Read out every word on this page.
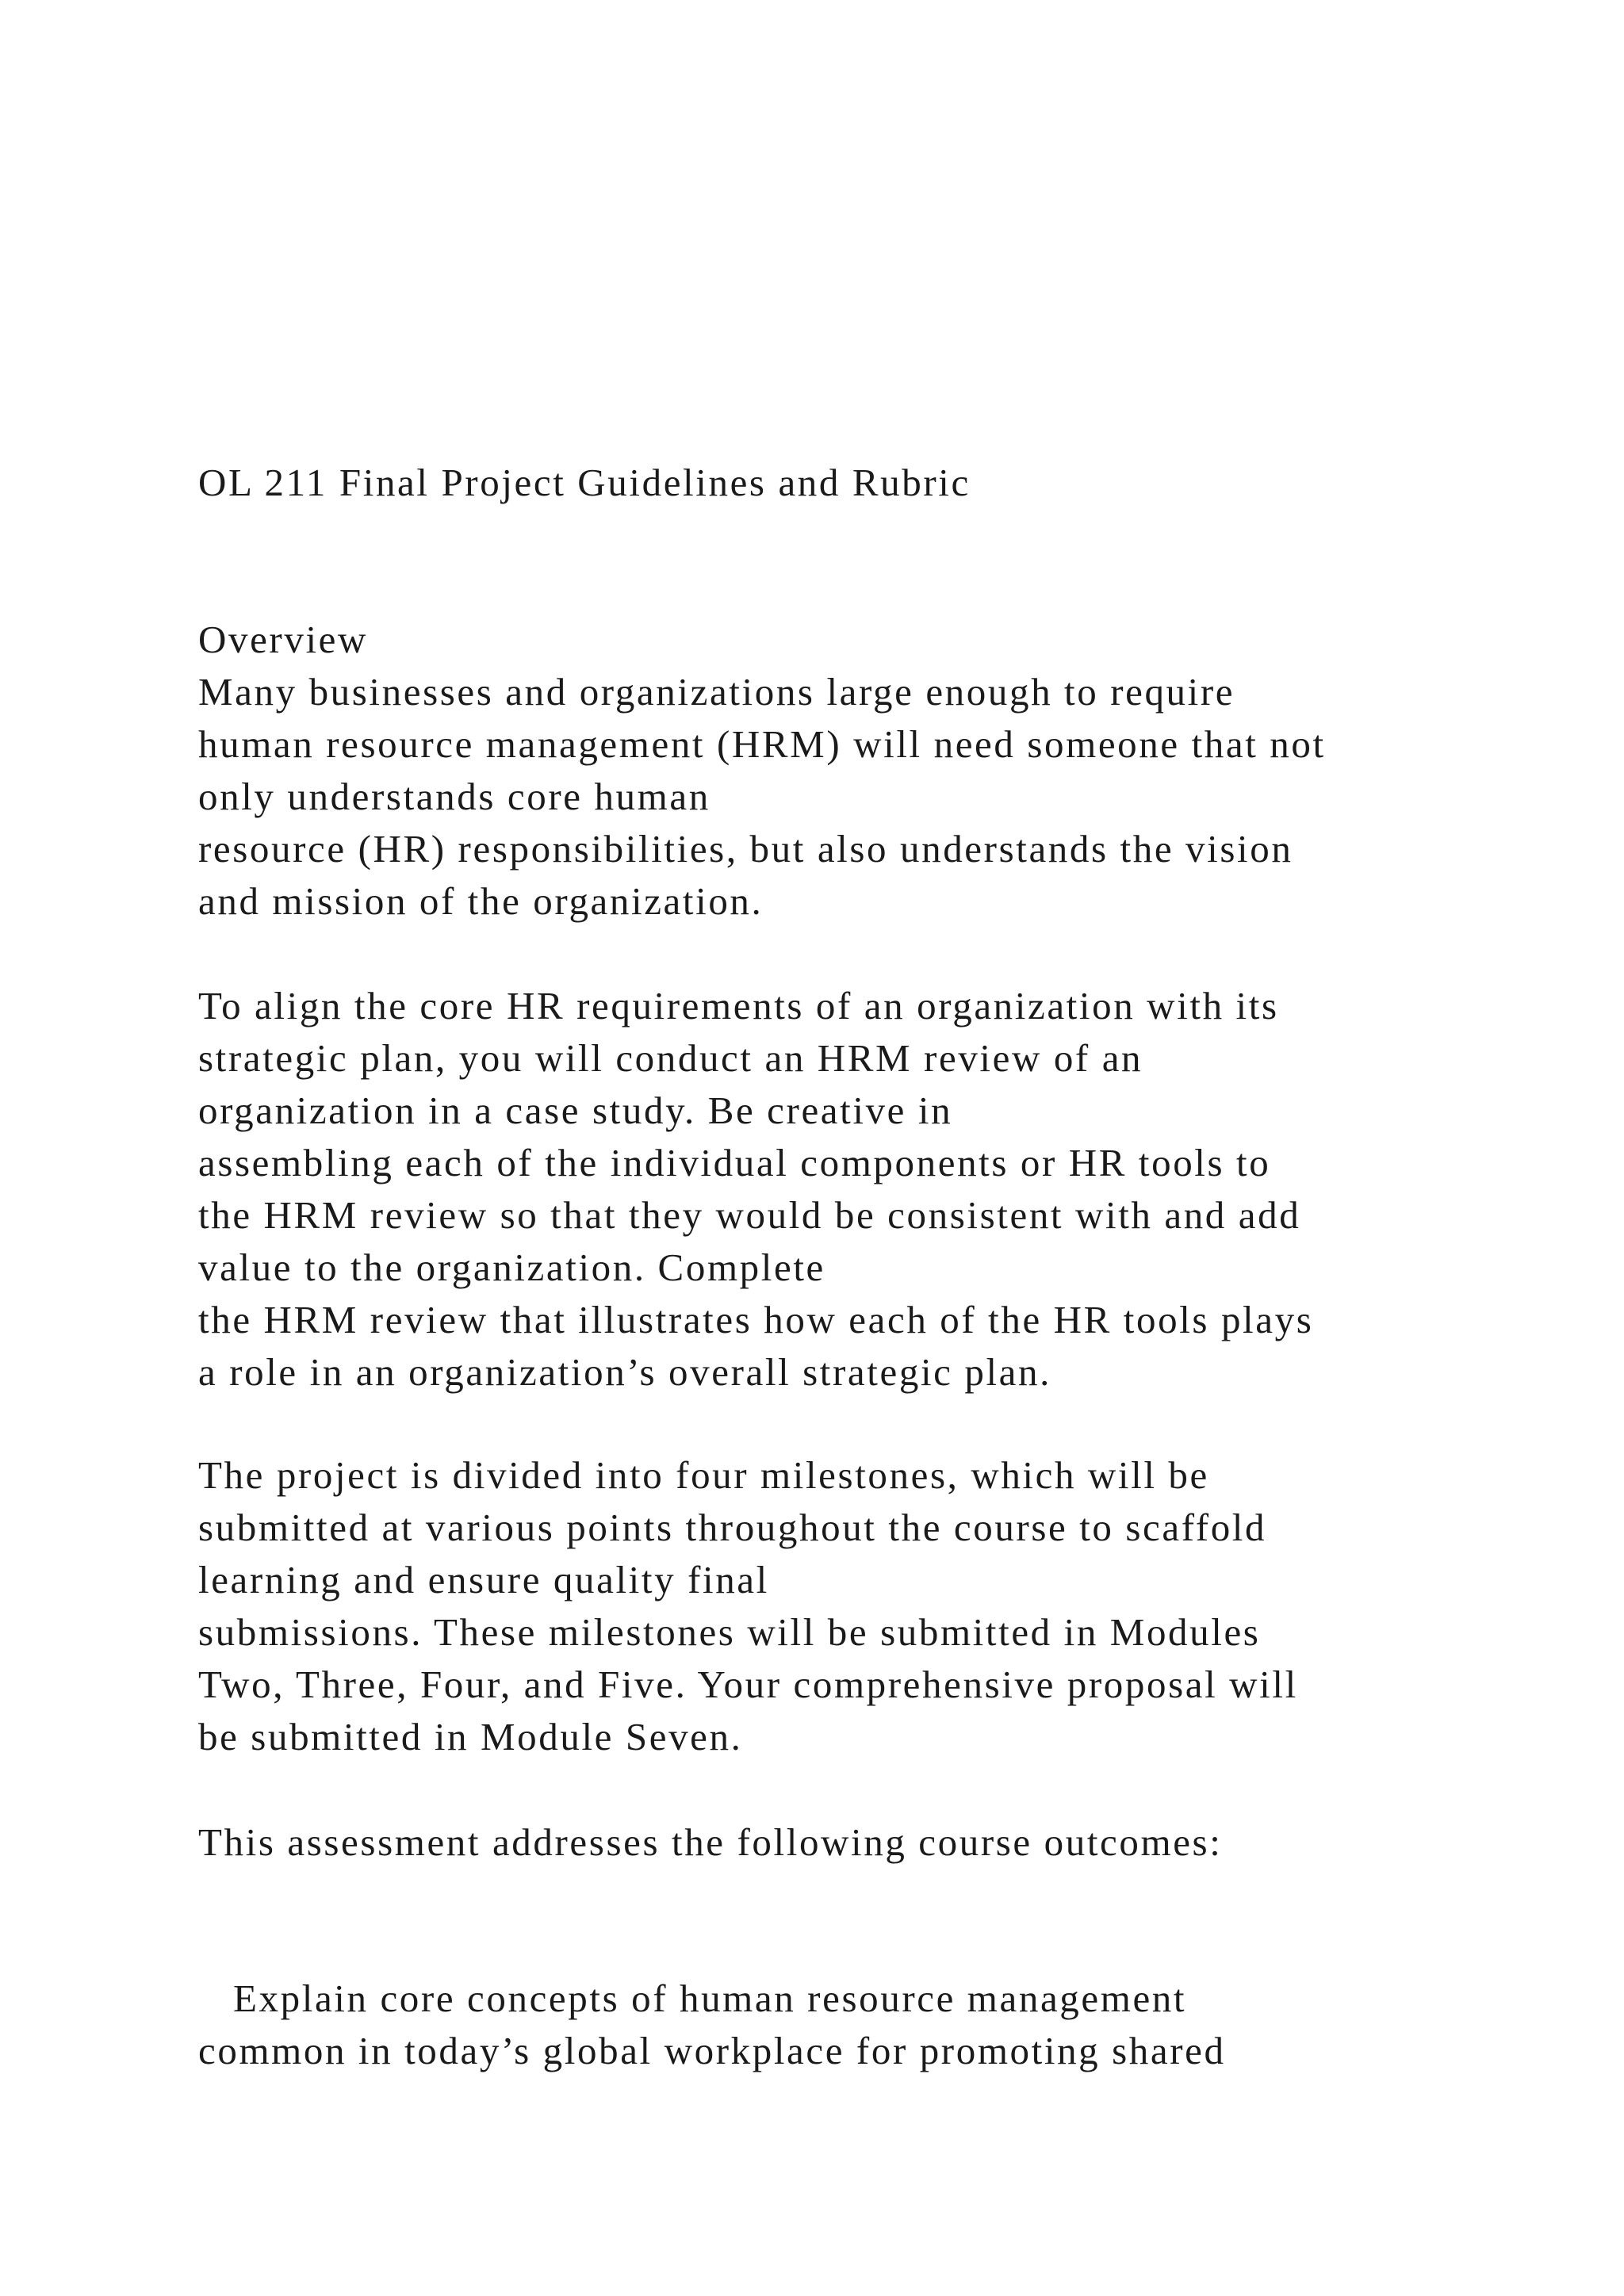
OL 211 Final Project Guidelines and Rubric
Overview
Many businesses and organizations large enough to require
human resource management (HRM) will need someone that not
only understands core human
resource (HR) responsibilities, but also understands the vision
and mission of the organization.
To align the core HR requirements of an organization with its
strategic plan, you will conduct an HRM review of an
organization in a case study. Be creative in
assembling each of the individual components or HR tools to
the HRM review so that they would be consistent with and add
value to the organization. Complete
the HRM review that illustrates how each of the HR tools plays
a role in an organization’s overall strategic plan.
The project is divided into four milestones, which will be
submitted at various points throughout the course to scaffold
learning and ensure quality final
submissions. These milestones will be submitted in Modules
Two, Three, Four, and Five. Your comprehensive proposal will
be submitted in Module Seven.
This assessment addresses the following course outcomes:
Explain core concepts of human resource management
common in today’s global workplace for promoting shared
